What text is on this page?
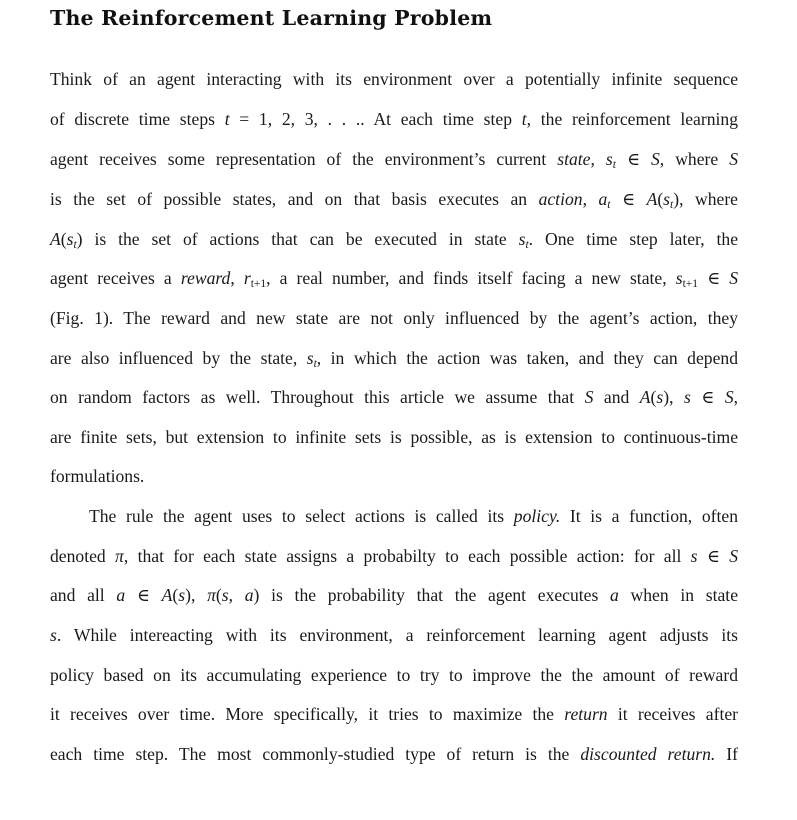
The Reinforcement Learning Problem
Think of an agent interacting with its environment over a potentially infinite sequence
of discrete time steps t = 1, 2, 3, . . .. At each time step t, the reinforcement learning
agent receives some representation of the environment’s current state, $s_t$ ∈ S, where S
is the set of possible states, and on that basis executes an action, $a_t$ ∈ $A(s_t)$, where
$A(s_t)$ is the set of actions that can be executed in state $s_t$. One time step later, the
agent receives a reward, $r_{t+1}$, a real number, and finds itself facing a new state, $s_{t+1}$ ∈ S
(Fig. 1). The reward and new state are not only influenced by the agent’s action, they
are also influenced by the state, $s_t$, in which the action was taken, and they can depend
on random factors as well. Throughout this article we assume that S and A(s), s ∈ S,
are finite sets, but extension to infinite sets is possible, as is extension to continuous-time
formulations.
The rule the agent uses to select actions is called its policy. It is a function, often
denoted π, that for each state assigns a probabilty to each possible action: for all s ∈ S
and all a ∈ A(s), π(s, a) is the probability that the agent executes a when in state
s. While intereacting with its environment, a reinforcement learning agent adjusts its
policy based on its accumulating experience to try to improve the the amount of reward
it receives over time. More specifically, it tries to maximize the return it receives after
each time step. The most commonly-studied type of return is the discounted return. If
